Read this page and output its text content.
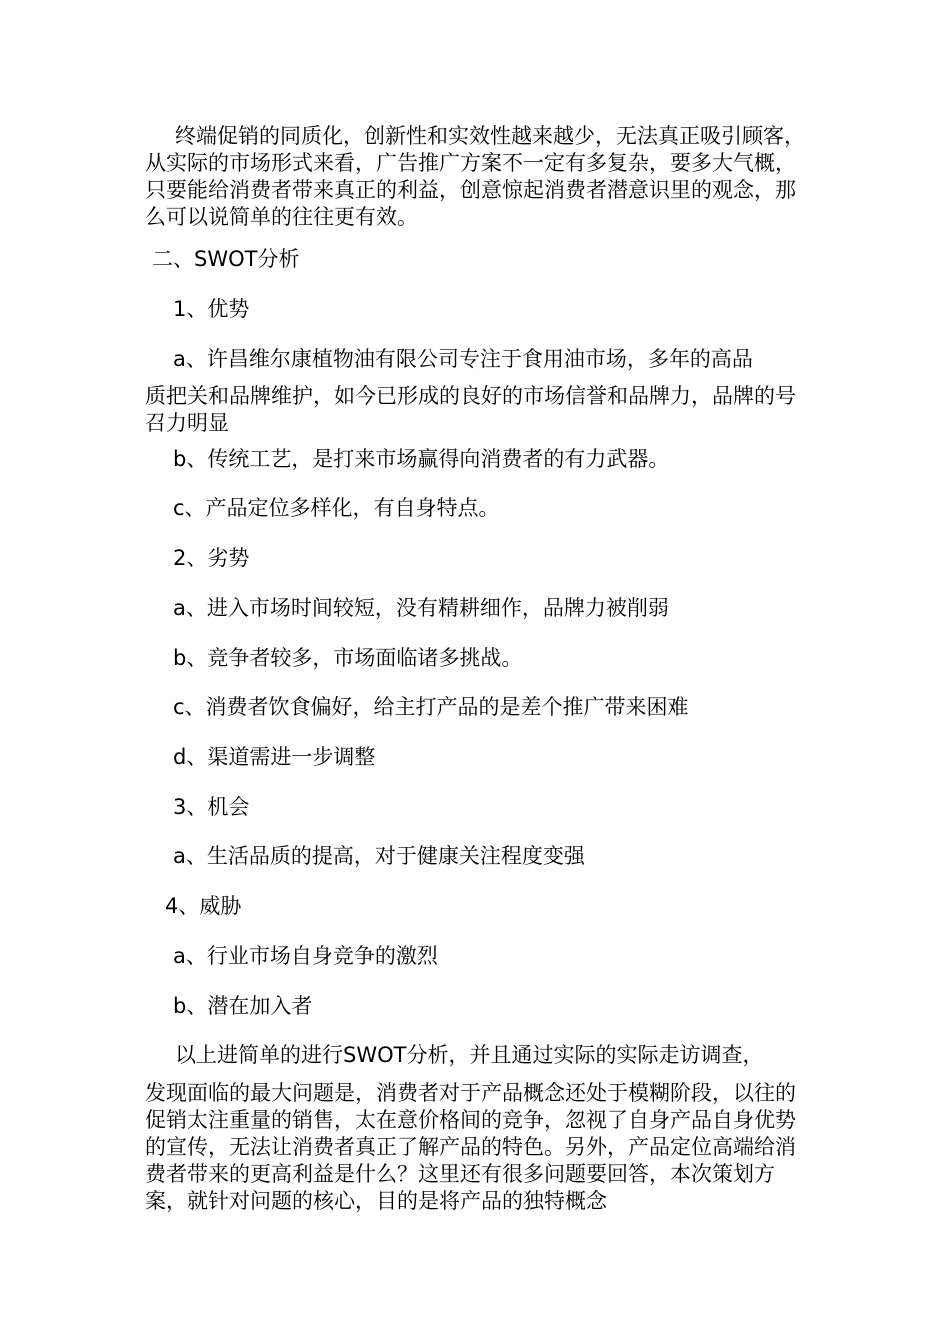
终端促销的同质化，创新性和实效性越来越少，无法真正吸引顾客，从实际的市场形式来看，广告推广方案不一定有多复杂，要多大气概，只要能给消费者带来真正的利益，创意惊起消费者潜意识里的观念，那么可以说简单的往往更有效。

二、SWOT分析

1、优势

a、许昌维尔康植物油有限公司专注于食用油市场，多年的高品

质把关和品牌维护，如今已形成的良好的市场信誉和品牌力，品牌的号召力明显

b、传统工艺，是打来市场赢得向消费者的有力武器。

c、产品定位多样化，有自身特点。

2、劣势

a、进入市场时间较短，没有精耕细作，品牌力被削弱

b、竞争者较多，市场面临诸多挑战。

c、消费者饮食偏好，给主打产品的是差个推广带来困难

d、渠道需进一步调整

3、机会

a、生活品质的提高，对于健康关注程度变强

4、威胁

a、行业市场自身竞争的激烈

b、潜在加入者

以上进简单的进行SWOT分析，并且通过实际的实际走访调查，

发现面临的最大问题是，消费者对于产品概念还处于模糊阶段，以往的促销太注重量的销售，太在意价格间的竞争，忽视了自身产品自身优势的宣传，无法让消费者真正了解产品的特色。另外，产品定位高端给消费者带来的更高利益是什么？这里还有很多问题要回答，本次策划方案，就针对问题的核心，目的是将产品的独特概念
